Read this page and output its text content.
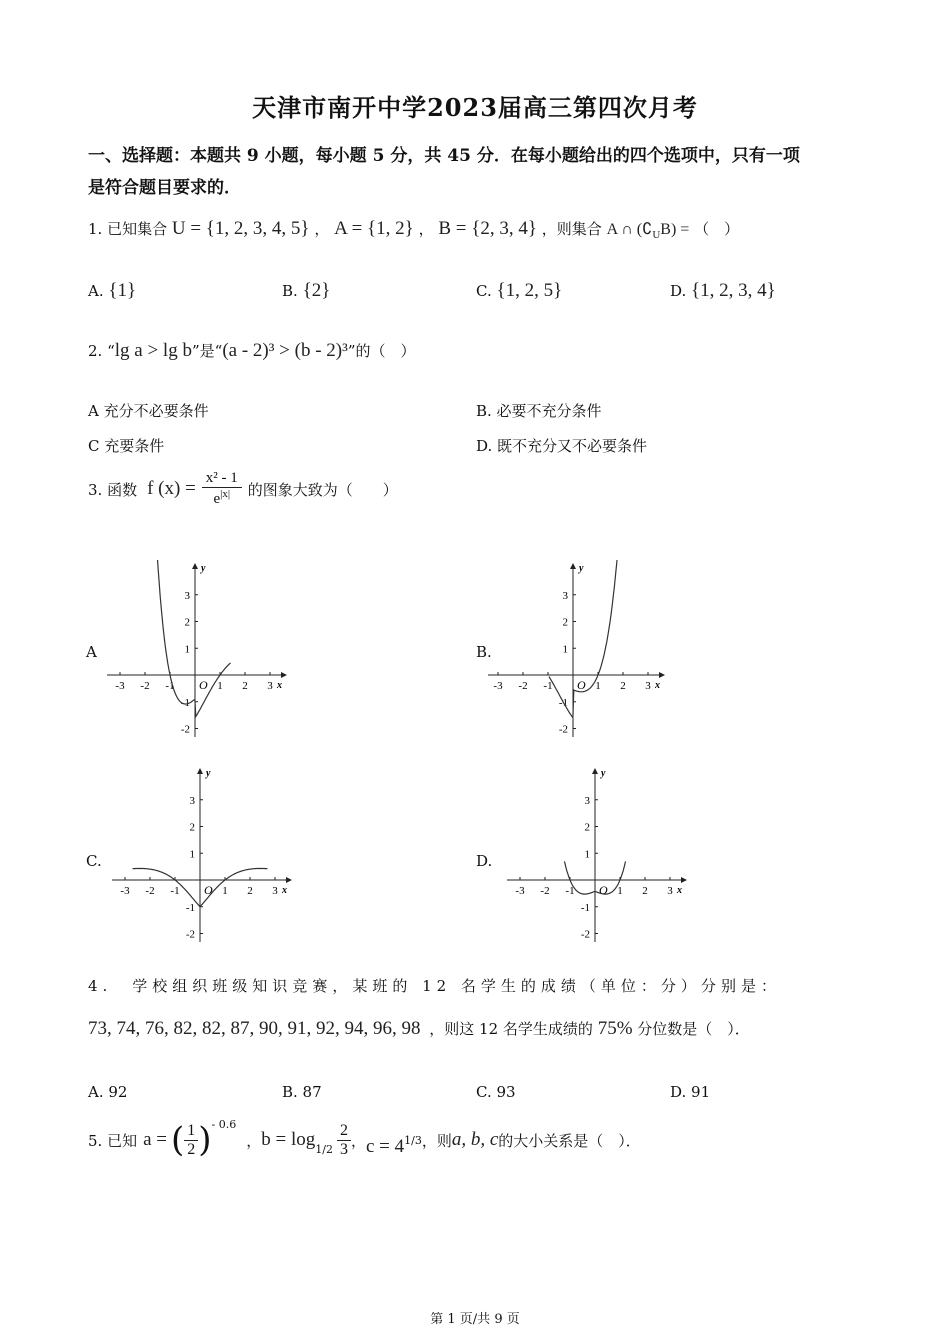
天津市南开中学2023届高三第四次月考
一、选择题：本题共 9 小题，每小题 5 分，共 45 分．在每小题给出的四个选项中，只有一项
是符合题目要求的．
1. 已知集合 U = {1, 2, 3, 4, 5} ， A = {1, 2} ， B = {2, 3, 4} ，则集合 A ∩ $(∁_UB)$ = （　）
A. {1}	B. {2}	C. {1, 2, 5}	D. {1, 2, 3, 4}
2. “lg a > lg b”是“(a - 2)³ > (b - 2)³”的（　）
A 充分不必要条件	B. 必要不充分条件
C 充要条件	D. 既不充分又不必要条件
3. 函数 f $(x) = \frac{\text{x² - 1}}{e^{|x|}}$ 的图象大致为（　　）
A	B.
C.	D.
-3 -2 -1	1 2 3
3
2
1
-1
-2
O	x
y
-3 -2 -1	1 2 3
3
2
1
-1
-2
O	x
y
-3 -2 -1	1 2 3
3
2
1
-1
-2
O	x
y
-3 -2 -1	1 2 3
3
2
1
-1
-2
O	x
y
4.　学校组织班级知识竞赛，某班的 12 名学生的成绩（单位：分）分别是：
73, 74, 76, 82, 82, 87, 90, 91, 92, 94, 96, 98 ，则这 12 名学生成绩的 75% 分位数是（　）．
A. 92	B. 87	C. 93	D. 91
5. 已知 a = ( 1
2 )$^{- 0.6}$
， $b = \log_{1/2}$
2
3 ， $c = 4^{1/3}$ ，则 a, b, c 的大小关系是（　）．
第 1 页/共 9 页
